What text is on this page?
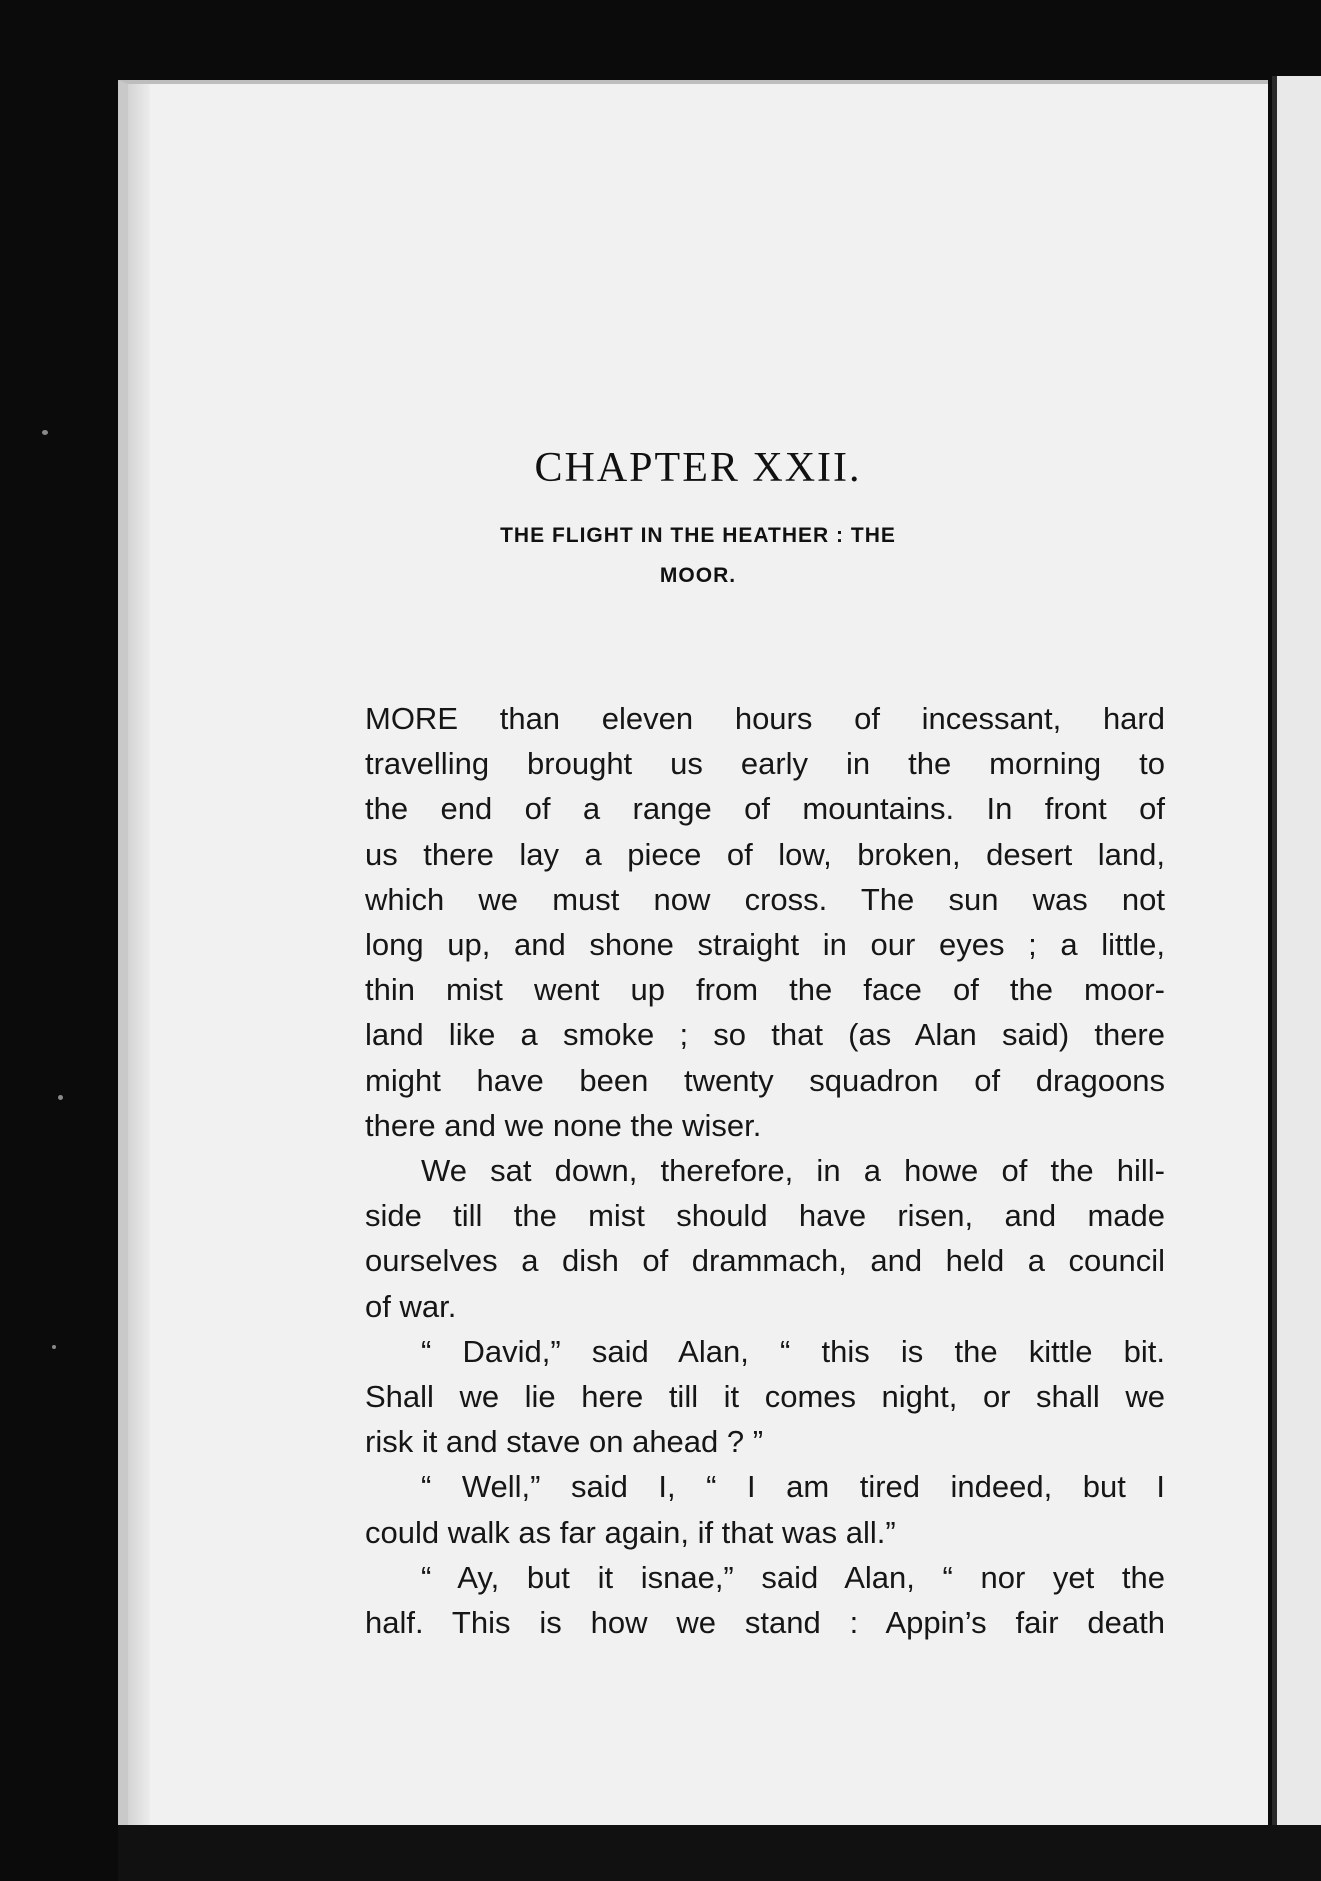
CHAPTER XXII.
THE FLIGHT IN THE HEATHER : THE
MOOR.

MORE than eleven hours of incessant, hard
travelling brought us early in the morning to
the end of a range of mountains. In front of
us there lay a piece of low, broken, desert land,
which we must now cross. The sun was not
long up, and shone straight in our eyes ; a little,
thin mist went up from the face of the moor-
land like a smoke ; so that (as Alan said) there
might have been twenty squadron of dragoons
there and we none the wiser.

We sat down, therefore, in a howe of the hill-
side till the mist should have risen, and made
ourselves a dish of drammach, and held a council
of war.

“ David,” said Alan, “ this is the kittle bit.
Shall we lie here till it comes night, or shall we
risk it and stave on ahead ? ”

“ Well,” said I, “ I am tired indeed, but I
could walk as far again, if that was all.”

“ Ay, but it isnae,” said Alan, “ nor yet the
half. This is how we stand : Appin’s fair death
